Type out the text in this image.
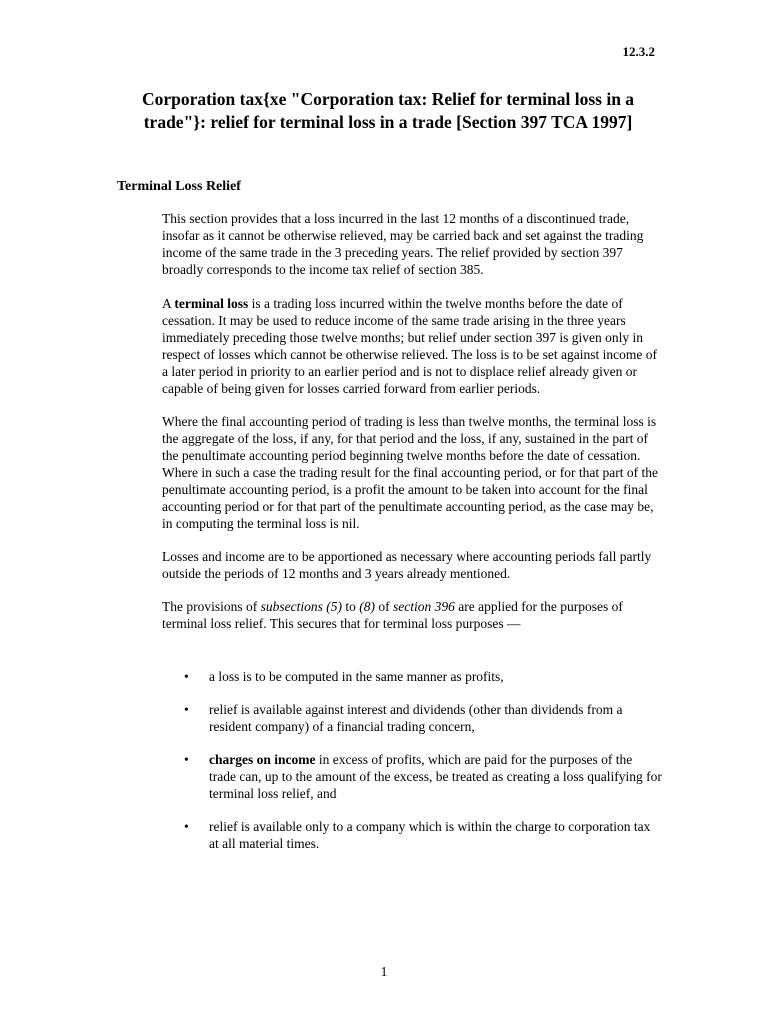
12.3.2
Corporation tax{xe "Corporation tax: Relief for terminal loss in a trade"}: relief for terminal loss in a trade [Section 397 TCA 1997]
Terminal Loss Relief

This section provides that a loss incurred in the last 12 months of a discontinued trade, insofar as it cannot be otherwise relieved, may be carried back and set against the trading income of the same trade in the 3 preceding years. The relief provided by section 397 broadly corresponds to the income tax relief of section 385.

A terminal loss is a trading loss incurred within the twelve months before the date of cessation. It may be used to reduce income of the same trade arising in the three years immediately preceding those twelve months; but relief under section 397 is given only in respect of losses which cannot be otherwise relieved. The loss is to be set against income of a later period in priority to an earlier period and is not to displace relief already given or capable of being given for losses carried forward from earlier periods.

Where the final accounting period of trading is less than twelve months, the terminal loss is the aggregate of the loss, if any, for that period and the loss, if any, sustained in the part of the penultimate accounting period beginning twelve months before the date of cessation. Where in such a case the trading result for the final accounting period, or for that part of the penultimate accounting period, is a profit the amount to be taken into account for the final accounting period or for that part of the penultimate accounting period, as the case may be, in computing the terminal loss is nil.

Losses and income are to be apportioned as necessary where accounting periods fall partly outside the periods of 12 months and 3 years already mentioned.

The provisions of subsections (5) to (8) of section 396 are applied for the purposes of terminal loss relief. This secures that for terminal loss purposes —

• a loss is to be computed in the same manner as profits,
• relief is available against interest and dividends (other than dividends from a resident company) of a financial trading concern,
• charges on income in excess of profits, which are paid for the purposes of the trade can, up to the amount of the excess, be treated as creating a loss qualifying for terminal loss relief, and
• relief is available only to a company which is within the charge to corporation tax at all material times.
1
